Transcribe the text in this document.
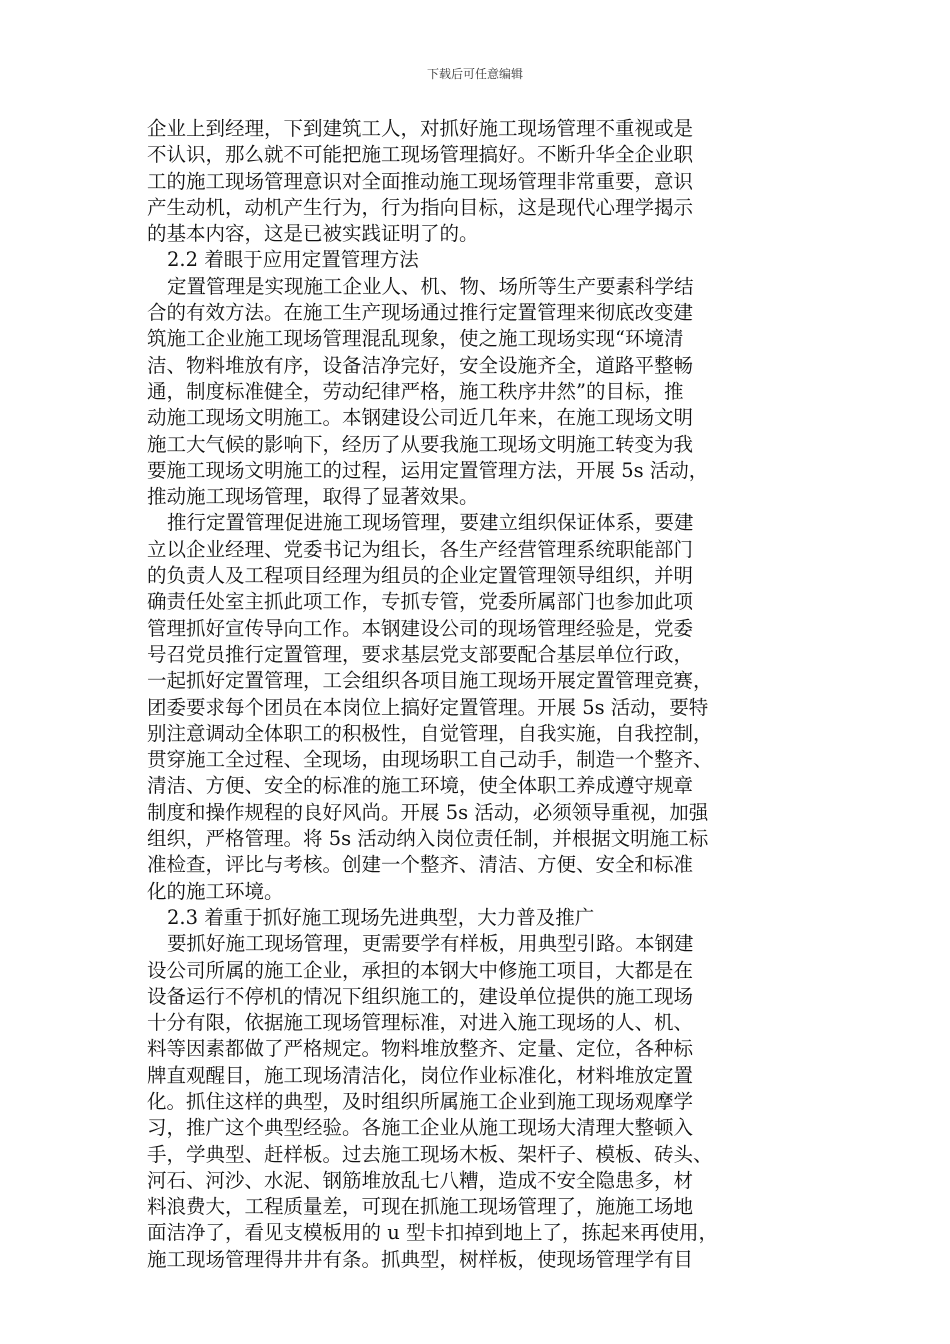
下载后可任意编辑
企业上到经理，下到建筑工人，对抓好施工现场管理不重视或是
不认识，那么就不可能把施工现场管理搞好。不断升华全企业职
工的施工现场管理意识对全面推动施工现场管理非常重要，意识
产生动机，动机产生行为，行为指向目标，这是现代心理学揭示
的基本内容，这是已被实践证明了的。
2.2 着眼于应用定置管理方法
定置管理是实现施工企业人、机、物、场所等生产要素科学结
合的有效方法。在施工生产现场通过推行定置管理来彻底改变建
筑施工企业施工现场管理混乱现象，使之施工现场实现“环境清
洁、物料堆放有序，设备洁净完好，安全设施齐全，道路平整畅
通，制度标准健全，劳动纪律严格，施工秩序井然”的目标，推
动施工现场文明施工。本钢建设公司近几年来，在施工现场文明
施工大气候的影响下，经历了从要我施工现场文明施工转变为我
要施工现场文明施工的过程，运用定置管理方法，开展 5s 活动，
推动施工现场管理，取得了显著效果。
推行定置管理促进施工现场管理，要建立组织保证体系，要建
立以企业经理、党委书记为组长，各生产经营管理系统职能部门
的负责人及工程项目经理为组员的企业定置管理领导组织，并明
确责任处室主抓此项工作，专抓专管，党委所属部门也参加此项
管理抓好宣传导向工作。本钢建设公司的现场管理经验是，党委
号召党员推行定置管理，要求基层党支部要配合基层单位行政，
一起抓好定置管理，工会组织各项目施工现场开展定置管理竞赛，
团委要求每个团员在本岗位上搞好定置管理。开展 5s 活动，要特
别注意调动全体职工的积极性，自觉管理，自我实施，自我控制，
贯穿施工全过程、全现场，由现场职工自己动手，制造一个整齐、
清洁、方便、安全的标准的施工环境，使全体职工养成遵守规章
制度和操作规程的良好风尚。开展 5s 活动，必须领导重视，加强
组织，严格管理。将 5s 活动纳入岗位责任制，并根据文明施工标
准检查，评比与考核。创建一个整齐、清洁、方便、安全和标准
化的施工环境。
2.3 着重于抓好施工现场先进典型，大力普及推广
要抓好施工现场管理，更需要学有样板，用典型引路。本钢建
设公司所属的施工企业，承担的本钢大中修施工项目，大都是在
设备运行不停机的情况下组织施工的，建设单位提供的施工现场
十分有限，依据施工现场管理标准，对进入施工现场的人、机、
料等因素都做了严格规定。物料堆放整齐、定量、定位，各种标
牌直观醒目，施工现场清洁化，岗位作业标准化，材料堆放定置
化。抓住这样的典型，及时组织所属施工企业到施工现场观摩学
习，推广这个典型经验。各施工企业从施工现场大清理大整顿入
手，学典型、赶样板。过去施工现场木板、架杆子、模板、砖头、
河石、河沙、水泥、钢筋堆放乱七八糟，造成不安全隐患多，材
料浪费大，工程质量差，可现在抓施工现场管理了，施施工场地
面洁净了，看见支模板用的 u 型卡扣掉到地上了，拣起来再使用，
施工现场管理得井井有条。抓典型，树样板，使现场管理学有目
